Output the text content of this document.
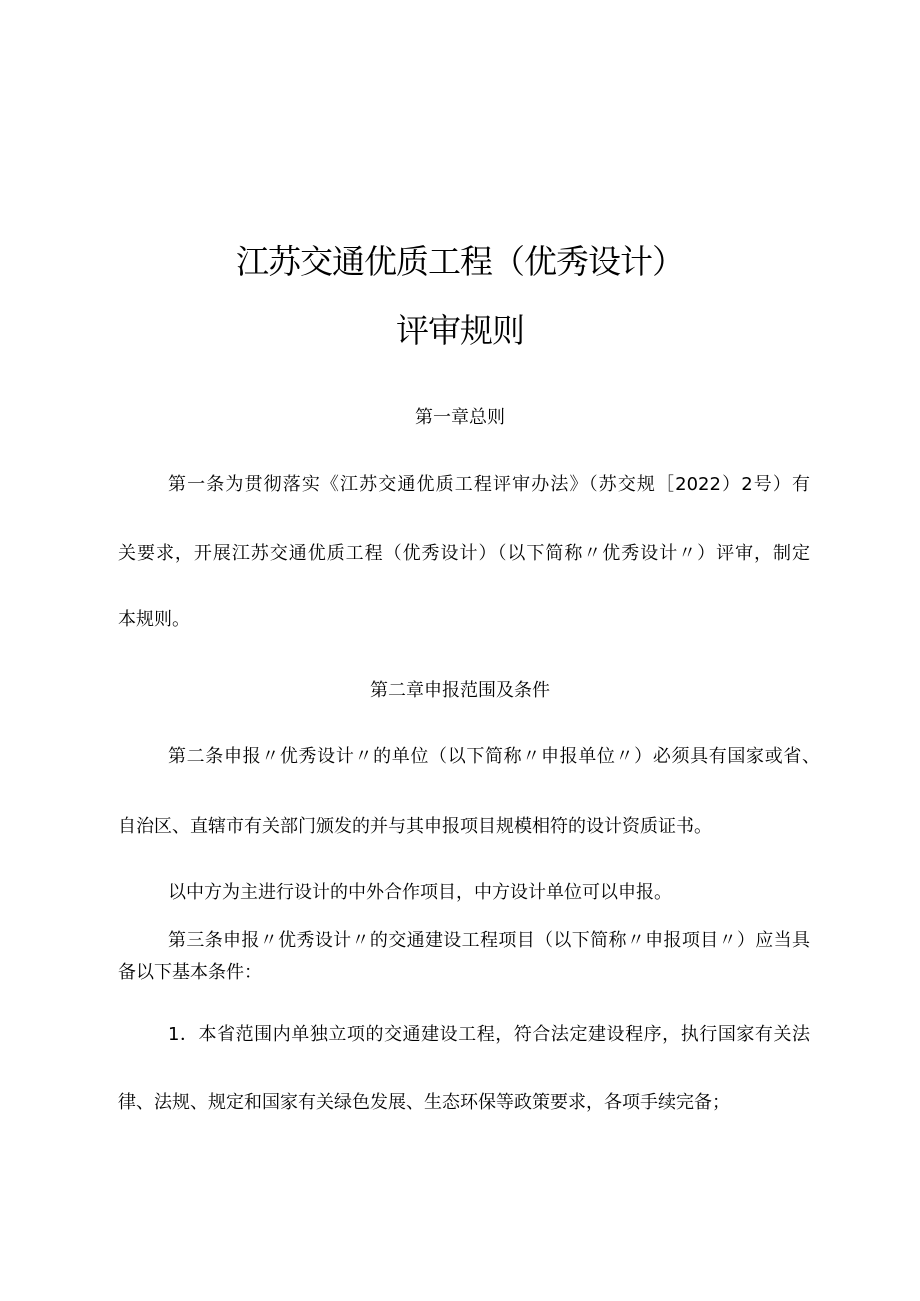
江苏交通优质工程（优秀设计）
评审规则
第一章总则
第一条为贯彻落实《江苏交通优质工程评审办法》（苏交规［2022）2号）有
关要求，开展江苏交通优质工程（优秀设计）（以下简称〃优秀设计〃）评审，制定
本规则。
第二章申报范围及条件
第二条申报〃优秀设计〃的单位（以下简称〃申报单位〃）必须具有国家或省、
自治区、直辖市有关部门颁发的并与其申报项目规模相符的设计资质证书。
以中方为主进行设计的中外合作项目，中方设计单位可以申报。
第三条申报〃优秀设计〃的交通建设工程项目（以下简称〃申报项目〃）应当具
备以下基本条件：
1．本省范围内单独立项的交通建设工程，符合法定建设程序，执行国家有关法
律、法规、规定和国家有关绿色发展、生态环保等政策要求，各项手续完备；
